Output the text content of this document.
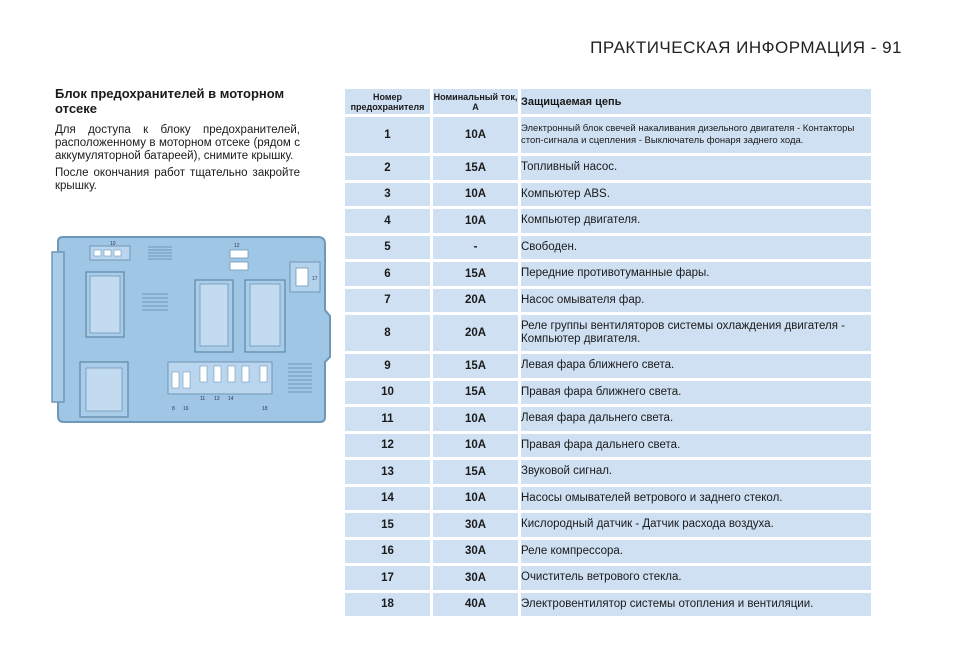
ПРАКТИЧЕСКАЯ ИНФОРМАЦИЯ - 91

Блок предохранителей в моторном отсеке

Для доступа к блоку предохранителей, расположенному в моторном отсеке (рядом с аккумуляторной батареей), снимите крышку.

После окончания работ тщательно закройте крышку.

10	12
17
11 13 14
8 16	18
Номер предохранителя	Номинальный ток, А	Защищаемая цепь
1	10A	Электронный блок свечей накаливания дизельного двигателя - Контакторы стоп-сигнала и сцепления - Выключатель фонаря заднего хода.
2	15A	Топливный насос.
3	10A	Компьютер ABS.
4	10A	Компьютер двигателя.
5	-	Свободен.
6	15A	Передние противотуманные фары.
7	20A	Насос омывателя фар.
8	20A	Реле группы вентиляторов системы охлаждения двигателя - Компьютер двигателя.
9	15A	Левая фара ближнего света.
10	15A	Правая фара ближнего света.
11	10A	Левая фара дальнего света.
12	10A	Правая фара дальнего света.
13	15A	Звуковой сигнал.
14	10A	Насосы омывателей ветрового и заднего стекол.
15	30A	Кислородный датчик - Датчик расхода воздуха.
16	30A	Реле компрессора.
17	30A	Очиститель ветрового стекла.
18	40A	Электровентилятор системы отопления и вентиляции.
